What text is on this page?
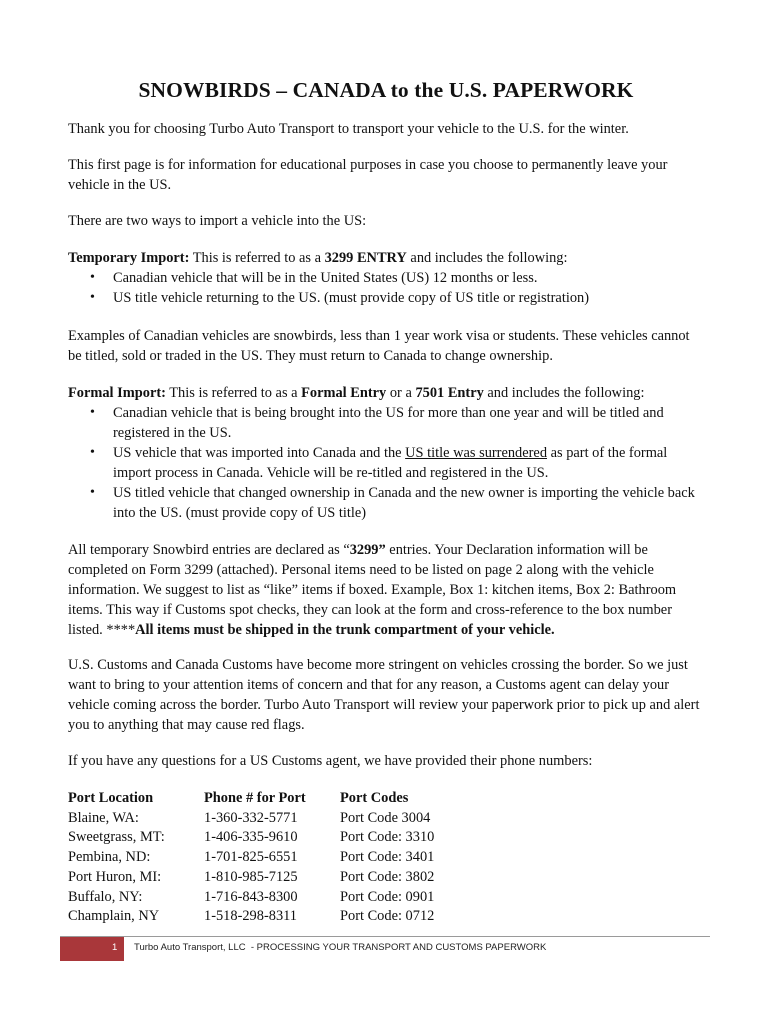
SNOWBIRDS – CANADA to the U.S. PAPERWORK

Thank you for choosing Turbo Auto Transport to transport your vehicle to the U.S. for the winter.

This first page is for information for educational purposes in case you choose to permanently leave your vehicle in the US.

There are two ways to import a vehicle into the US:

Temporary Import: This is referred to as a 3299 ENTRY and includes the following:

• Canadian vehicle that will be in the United States (US) 12 months or less.
• US title vehicle returning to the US. (must provide copy of US title or registration)

Examples of Canadian vehicles are snowbirds, less than 1 year work visa or students. These vehicles cannot be titled, sold or traded in the US. They must return to Canada to change ownership.

Formal Import: This is referred to as a Formal Entry or a 7501 Entry and includes the following:

• Canadian vehicle that is being brought into the US for more than one year and will be titled and registered in the US.
• US vehicle that was imported into Canada and the US title was surrendered as part of the formal import process in Canada. Vehicle will be re-titled and registered in the US.
• US titled vehicle that changed ownership in Canada and the new owner is importing the vehicle back into the US. (must provide copy of US title)

All temporary Snowbird entries are declared as “3299” entries. Your Declaration information will be completed on Form 3299 (attached). Personal items need to be listed on page 2 along with the vehicle information. We suggest to list as “like” items if boxed. Example, Box 1: kitchen items, Box 2: Bathroom items. This way if Customs spot checks, they can look at the form and cross-reference to the box number listed. ****All items must be shipped in the trunk compartment of your vehicle.

U.S. Customs and Canada Customs have become more stringent on vehicles crossing the border. So we just want to bring to your attention items of concern and that for any reason, a Customs agent can delay your vehicle coming across the border. Turbo Auto Transport will review your paperwork prior to pick up and alert you to anything that may cause red flags.

If you have any questions for a US Customs agent, we have provided their phone numbers:

Port Location	Phone # for Port	Port Codes
Blaine, WA:	1-360-332-5771	Port Code 3004
Sweetgrass, MT:	1-406-335-9610	Port Code: 3310
Pembina, ND:	1-701-825-6551	Port Code: 3401
Port Huron, MI:	1-810-985-7125	Port Code: 3802
Buffalo, NY:	1-716-843-8300	Port Code: 0901
Champlain, NY	1-518-298-8311	Port Code: 0712
1 Turbo Auto Transport, LLC  - PROCESSING YOUR TRANSPORT AND CUSTOMS PAPERWORK
